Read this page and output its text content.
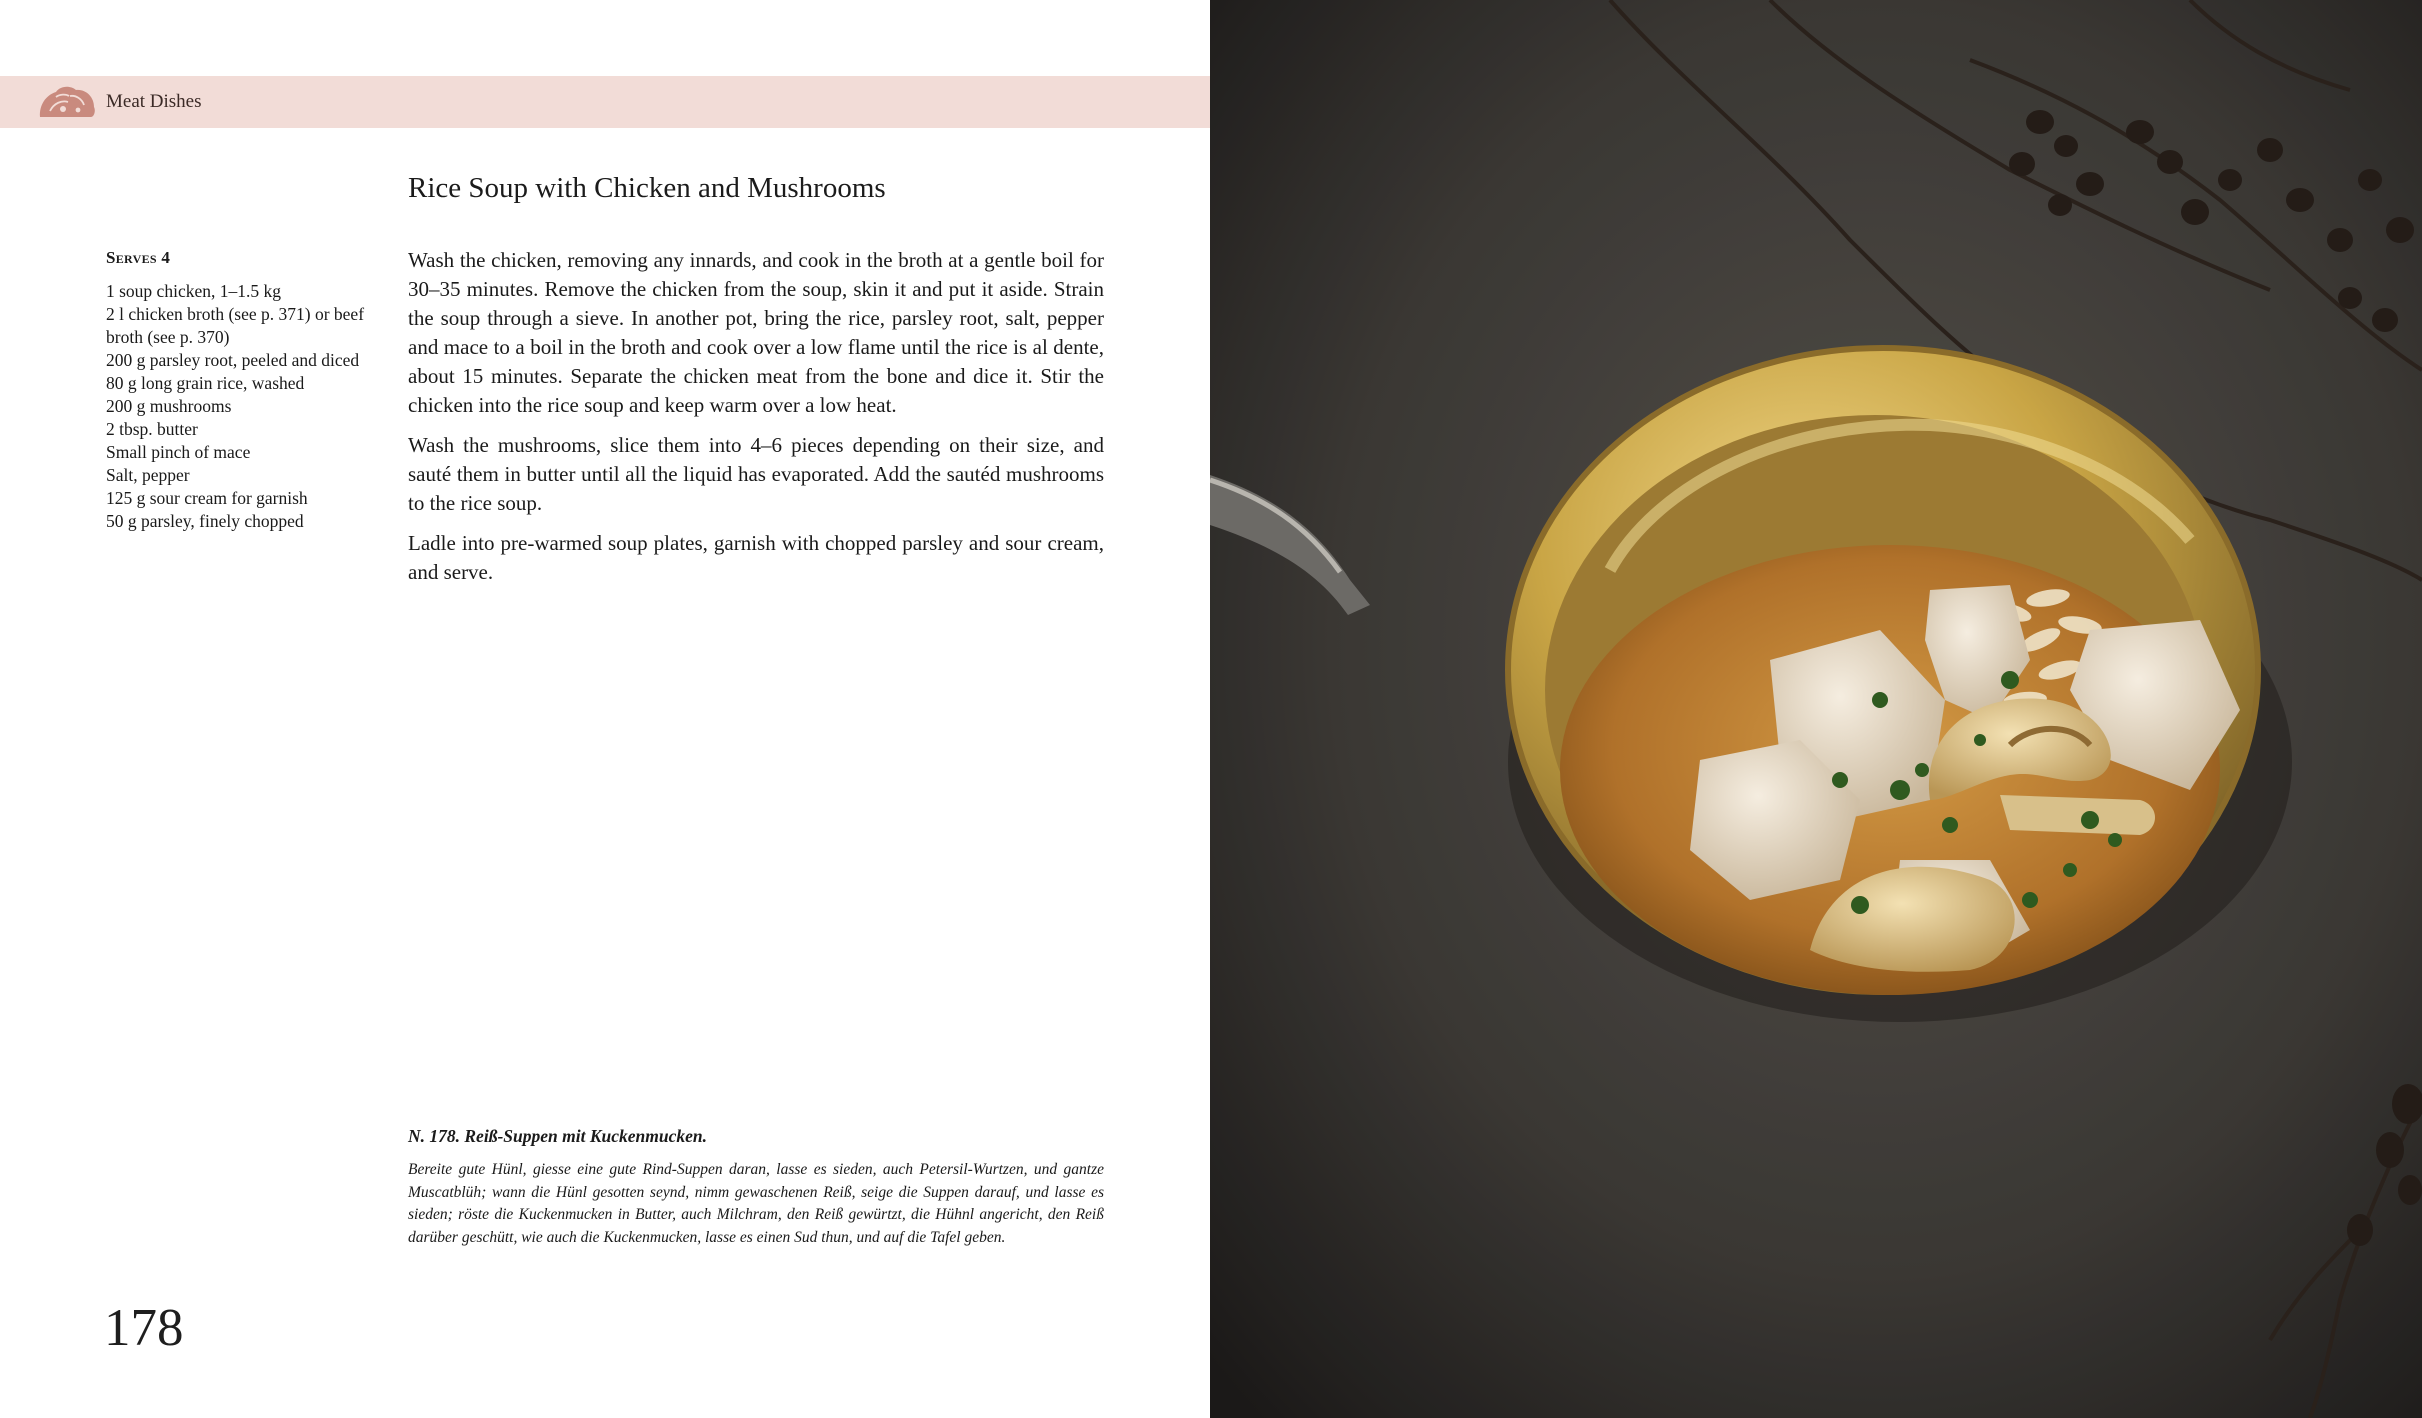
Meat Dishes
Rice Soup with Chicken and Mushrooms
Serves 4
1 soup chicken, 1–1.5 kg
2 l chicken broth (see p. 371) or beef broth (see p. 370)
200 g parsley root, peeled and diced
80 g long grain rice, washed
200 g mushrooms
2 tbsp. butter
Small pinch of mace
Salt, pepper
125 g sour cream for garnish
50 g parsley, finely chopped

Wash the chicken, removing any innards, and cook in the broth at a gentle boil for 30–35 minutes. Remove the chicken from the soup, skin it and put it aside. Strain the soup through a sieve. In another pot, bring the rice, parsley root, salt, pepper and mace to a boil in the broth and cook over a low flame until the rice is al dente, about 15 minutes. Separate the chicken meat from the bone and dice it. Stir the chicken into the rice soup and keep warm over a low heat.

Wash the mushrooms, slice them into 4–6 pieces depending on their size, and sauté them in butter until all the liquid has evaporated. Add the sautéd mushrooms to the rice soup.

Ladle into pre-warmed soup plates, garnish with chopped parsley and sour cream, and serve.

N. 178. Reiß-Suppen mit Kuckenmucken.

Bereite gute Hünl, giesse eine gute Rind-Suppen daran, lasse es sieden, auch Petersil-Wurtzen, und gantze Muscatblüh; wann die Hünl gesotten seynd, nimm gewaschenen Reiß, seige die Suppen darauf, und lasse es sieden; röste die Kuckenmucken in Butter, auch Milchram, den Reiß gewürtzt, die Hühnl angericht, den Reiß darüber geschütt, wie auch die Kuckenmucken, lasse es einen Sud thun, und auf die Tafel geben.

178
